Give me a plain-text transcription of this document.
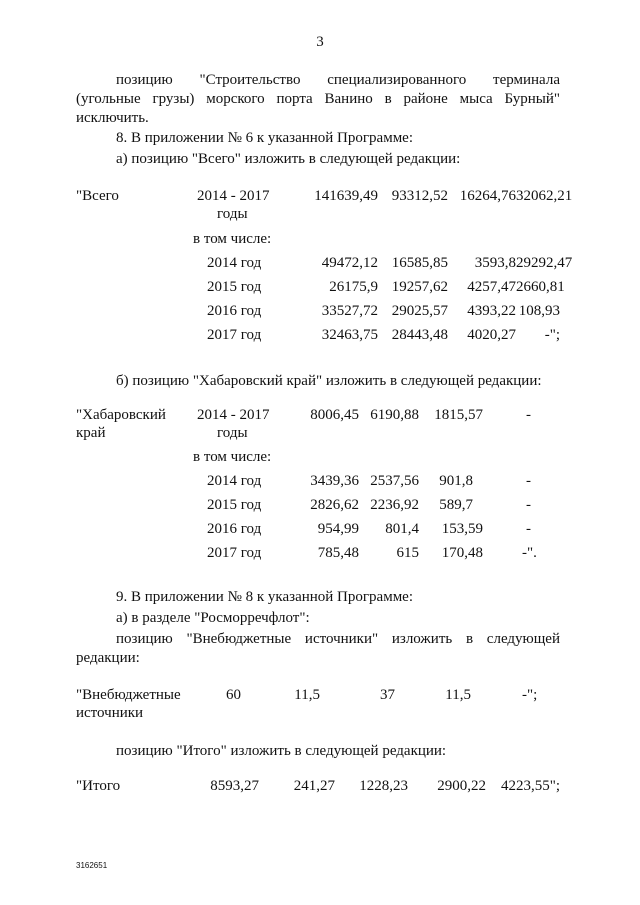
3
позицию "Строительство специализированного терминала
(угольные грузы) морского порта Ванино в районе мыса Бурный"
исключить.
8. В приложении № 6 к указанной Программе:
а) позицию "Всего" изложить в следующей редакции:
"Всего	2014 - 2017
годы
141639,49 93312,52 16264,76 32062,21
в том числе:
2014 год	49472,12 16585,85	3593,8 29292,47
2015 год	26175,9 19257,62	4257,47 2660,81
2016 год	33527,72 29025,57	4393,22 108,93
2017 год	32463,75 28443,48	4020,27	-";
б) позицию "Хабаровский край" изложить в следующей редакции:
"Хабаровский
край
2014 - 2017
годы
8006,45 6190,88	1815,57	-
в том числе:
2014 год	3439,36 2537,56	901,8	-
2015 год	2826,62 2236,92	589,7	-
2016 год	954,99	801,4	153,59	-
2017 год	785,48	615	170,48	-".
9. В приложении № 8 к указанной Программе:
а) в разделе "Росморречфлот":
позицию "Внебюджетные источники" изложить в следующей
редакции:
"Внебюджетные
источники
60	11,5	37	11,5	-";
позицию "Итого" изложить в следующей редакции:
"Итого	8593,27	241,27	1228,23	2900,22 4223,55";
3162651
